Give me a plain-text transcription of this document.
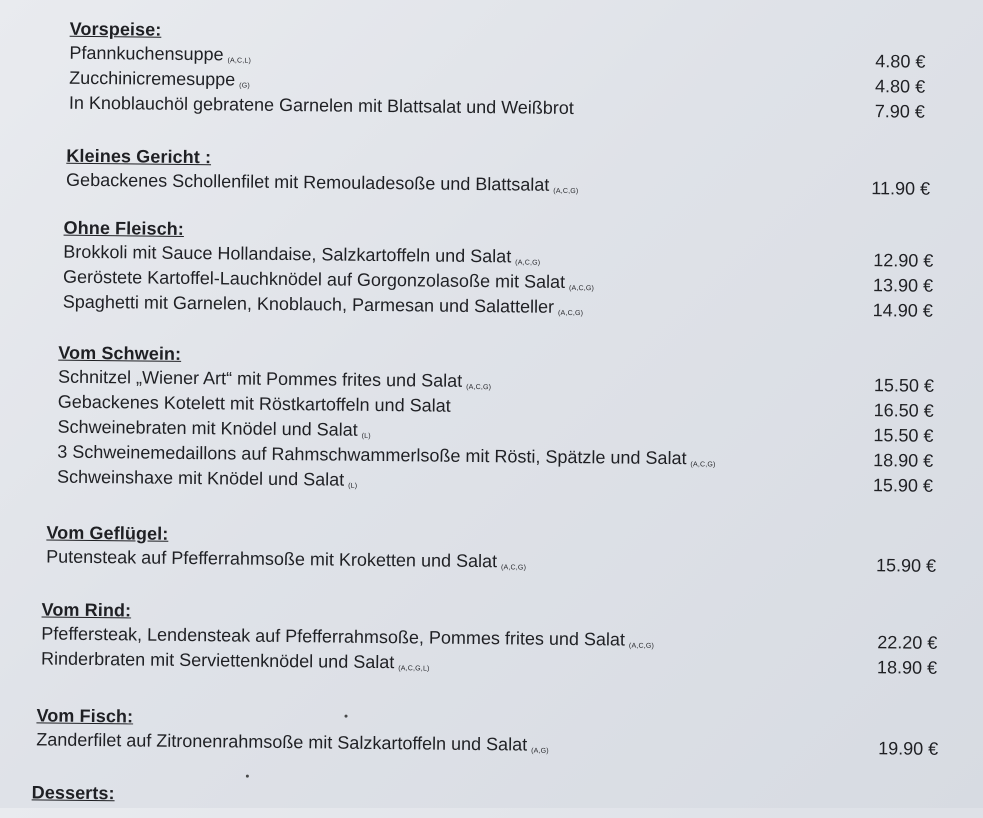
Vorspeise:
Pfannkuchensuppe (A,C,L)	4.80 €
Zucchinicremesuppe (G)	4.80 €
In Knoblauchöl gebratene Garnelen mit Blattsalat und Weißbrot	7.90 €
Kleines Gericht :
Gebackenes Schollenfilet mit Remouladesoße und Blattsalat (A,C,G)	11.90 €
Ohne Fleisch:
Brokkoli mit Sauce Hollandaise, Salzkartoffeln und Salat (A,C,G)	12.90 €
Geröstete Kartoffel-Lauchknödel auf Gorgonzolasoße mit Salat (A,C,G)	13.90 €
Spaghetti mit Garnelen, Knoblauch, Parmesan und Salatteller (A,C,G)	14.90 €
Vom Schwein:
Schnitzel „Wiener Art“ mit Pommes frites und Salat (A,C,G)	15.50 €
Gebackenes Kotelett mit Röstkartoffeln und Salat	16.50 €
Schweinebraten mit Knödel und Salat (L)	15.50 €
3 Schweinemedaillons auf Rahmschwammerlsoße mit Rösti, Spätzle und Salat (A,C,G)	18.90 €
Schweinshaxe mit Knödel und Salat (L)	15.90 €
Vom Geflügel:
Putensteak auf Pfefferrahmsoße mit Kroketten und Salat (A,C,G)	15.90 €
Vom Rind:
Pfeffersteak, Lendensteak auf Pfefferrahmsoße, Pommes frites und Salat (A,C,G)	22.20 €
Rinderbraten mit Serviettenknödel und Salat (A,C,G,L)	18.90 €
Vom Fisch:
Zanderfilet auf Zitronenrahmsoße mit Salzkartoffeln und Salat (A,G)	19.90 €
Desserts:
